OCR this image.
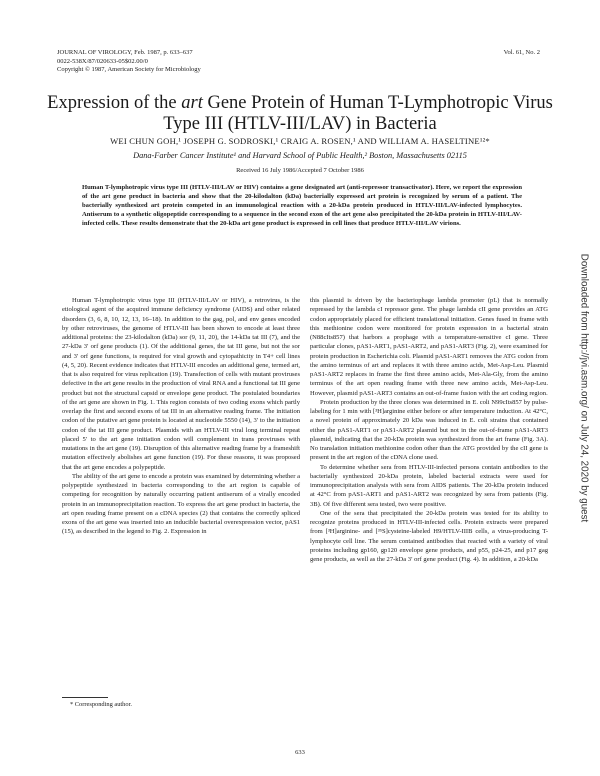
JOURNAL OF VIROLOGY, Feb. 1987, p. 633–637
0022-538X/87/020633-05$02.00/0
Copyright © 1987, American Society for Microbiology
Vol. 61, No. 2
Expression of the art Gene Protein of Human T-Lymphotropic Virus
Type III (HTLV-III/LAV) in Bacteria
WEI CHUN GOH,¹ JOSEPH G. SODROSKI,¹ CRAIG A. ROSEN,¹ AND WILLIAM A. HASELTINE¹²*
Dana-Farber Cancer Institute¹ and Harvard School of Public Health,² Boston, Massachusetts 02115
Received 16 July 1986/Accepted 7 October 1986
Human T-lymphotropic virus type III (HTLV-III/LAV or HIV) contains a gene designated art (anti-repressor transactivator). Here, we report the expression of the art gene product in bacteria and show that the 20-kilodalton (kDa) bacterially expressed art protein is recognized by serum of a patient. The bacterially synthesized art protein competed in an immunological reaction with a 20-kDa protein produced in HTLV-III/LAV-infected lymphocytes. Antiserum to a synthetic oligopeptide corresponding to a sequence in the second exon of the art gene also precipitated the 20-kDa protein in HTLV-III/LAV-infected cells. These results demonstrate that the 20-kDa art gene product is expressed in cell lines that produce HTLV-III/LAV virions.

Human T-lymphotropic virus type III (HTLV-III/LAV or HIV), a retrovirus, is the etiological agent of the acquired immune deficiency syndrome (AIDS) and other related disorders (3, 6, 8, 10, 12, 13, 16–18). In addition to the gag, pol, and env genes encoded by other retroviruses, the genome of HTLV-III has been shown to encode at least three additional proteins: the 23-kilodalton (kDa) sor (9, 11, 20), the 14-kDa tat III (7), and the 27-kDa 3′ orf gene products (1). Of the additional genes, the tat III gene, but not the sor and 3′ orf gene functions, is required for viral growth and cytopathicity in T4+ cell lines (4, 5, 20). Recent evidence indicates that HTLV-III encodes an additional gene, termed art, that is also required for virus replication (19). Transfection of cells with mutant proviruses defective in the art gene results in the production of viral RNA and a functional tat III gene product but not the structural capsid or envelope gene product. The postulated boundaries of the art gene are shown in Fig. 1. This region consists of two coding exons which partly overlap the first and second exons of tat III in an alternative reading frame. The initiation codon of the putative art gene protein is located at nucleotide 5550 (14), 3′ to the initiation codon of the tat III gene product. Plasmids with an HTLV-III viral long terminal repeat placed 5′ to the art gene initiation codon will complement in trans proviruses with mutations in the art gene (19). Disruption of this alternative reading frame by a frameshift mutation effectively abolishes art gene function (19). For these reasons, it was proposed that the art gene encodes a polypeptide.

The ability of the art gene to encode a protein was examined by determining whether a polypeptide synthesized in bacteria corresponding to the art region is capable of competing for recognition by naturally occurring patient antiserum of a virally encoded protein in an immunoprecipitation reaction. To express the art gene product in bacteria, the art open reading frame present on a cDNA species (2) that contains the correctly spliced exons of the art gene was inserted into an inducible bacterial overexpression vector, pAS1 (15), as described in the legend to Fig. 2. Expression in

this plasmid is driven by the bacteriophage lambda promoter (pL) that is normally repressed by the lambda cI repressor gene. The phage lambda cII gene provides an ATG codon appropriately placed for efficient translational initiation. Genes fused in frame with this methionine codon were monitored for protein expression in a bacterial strain (N88cIts857) that harbors a prophage with a temperature-sensitive cI gene. Three particular clones, pAS1-ART1, pAS1-ART2, and pAS1-ART3 (Fig. 2), were examined for protein production in Escherichia coli. Plasmid pAS1-ART1 removes the ATG codon from the amino terminus of art and replaces it with three amino acids, Met-Asp-Leu. Plasmid pAS1-ART2 replaces in frame the first three amino acids, Met-Ala-Gly, from the amino terminus of the art open reading frame with three new amino acids, Met-Asp-Leu. However, plasmid pAS1-ART3 contains an out-of-frame fusion with the art coding region.

Protein production by the three clones was determined in E. coli N99cIts857 by pulse-labeling for 1 min with [³H]arginine either before or after temperature induction. At 42°C, a novel protein of approximately 20 kDa was induced in E. coli strains that contained either the pAS1-ART1 or pAS1-ART2 plasmid but not in the out-of-frame pAS1-ART3 plasmid, indicating that the 20-kDa protein was synthesized from the art frame (Fig. 3A). No translation initiation methionine codon other than the ATG provided by the cII gene is present in the art region of the cDNA clone used.

To determine whether sera from HTLV-III-infected persons contain antibodies to the bacterially synthesized 20-kDa protein, labeled bacterial extracts were used for immunoprecipitation analysis with sera from AIDS patients. The 20-kDa protein induced at 42°C from pAS1-ART1 and pAS1-ART2 was recognized by sera from patients (Fig. 3B). Of five different sera tested, two were positive.

One of the sera that precipitated the 20-kDa protein was tested for its ability to recognize proteins produced in HTLV-III-infected cells. Protein extracts were prepared from [³H]arginine- and [³⁵S]cysteine-labeled H9/HTLV-IIIB cells, a virus-producing T-lymphocyte cell line. The serum contained antibodies that reacted with a variety of viral proteins including gp160, gp120 envelope gene products, and p55, p24-25, and p17 gag gene products, as well as the 27-kDa 3′ orf gene product (Fig. 4). In addition, a 20-kDa

* Corresponding author.
633
Downloaded from http://jvi.asm.org/ on July 24, 2020 by guest
